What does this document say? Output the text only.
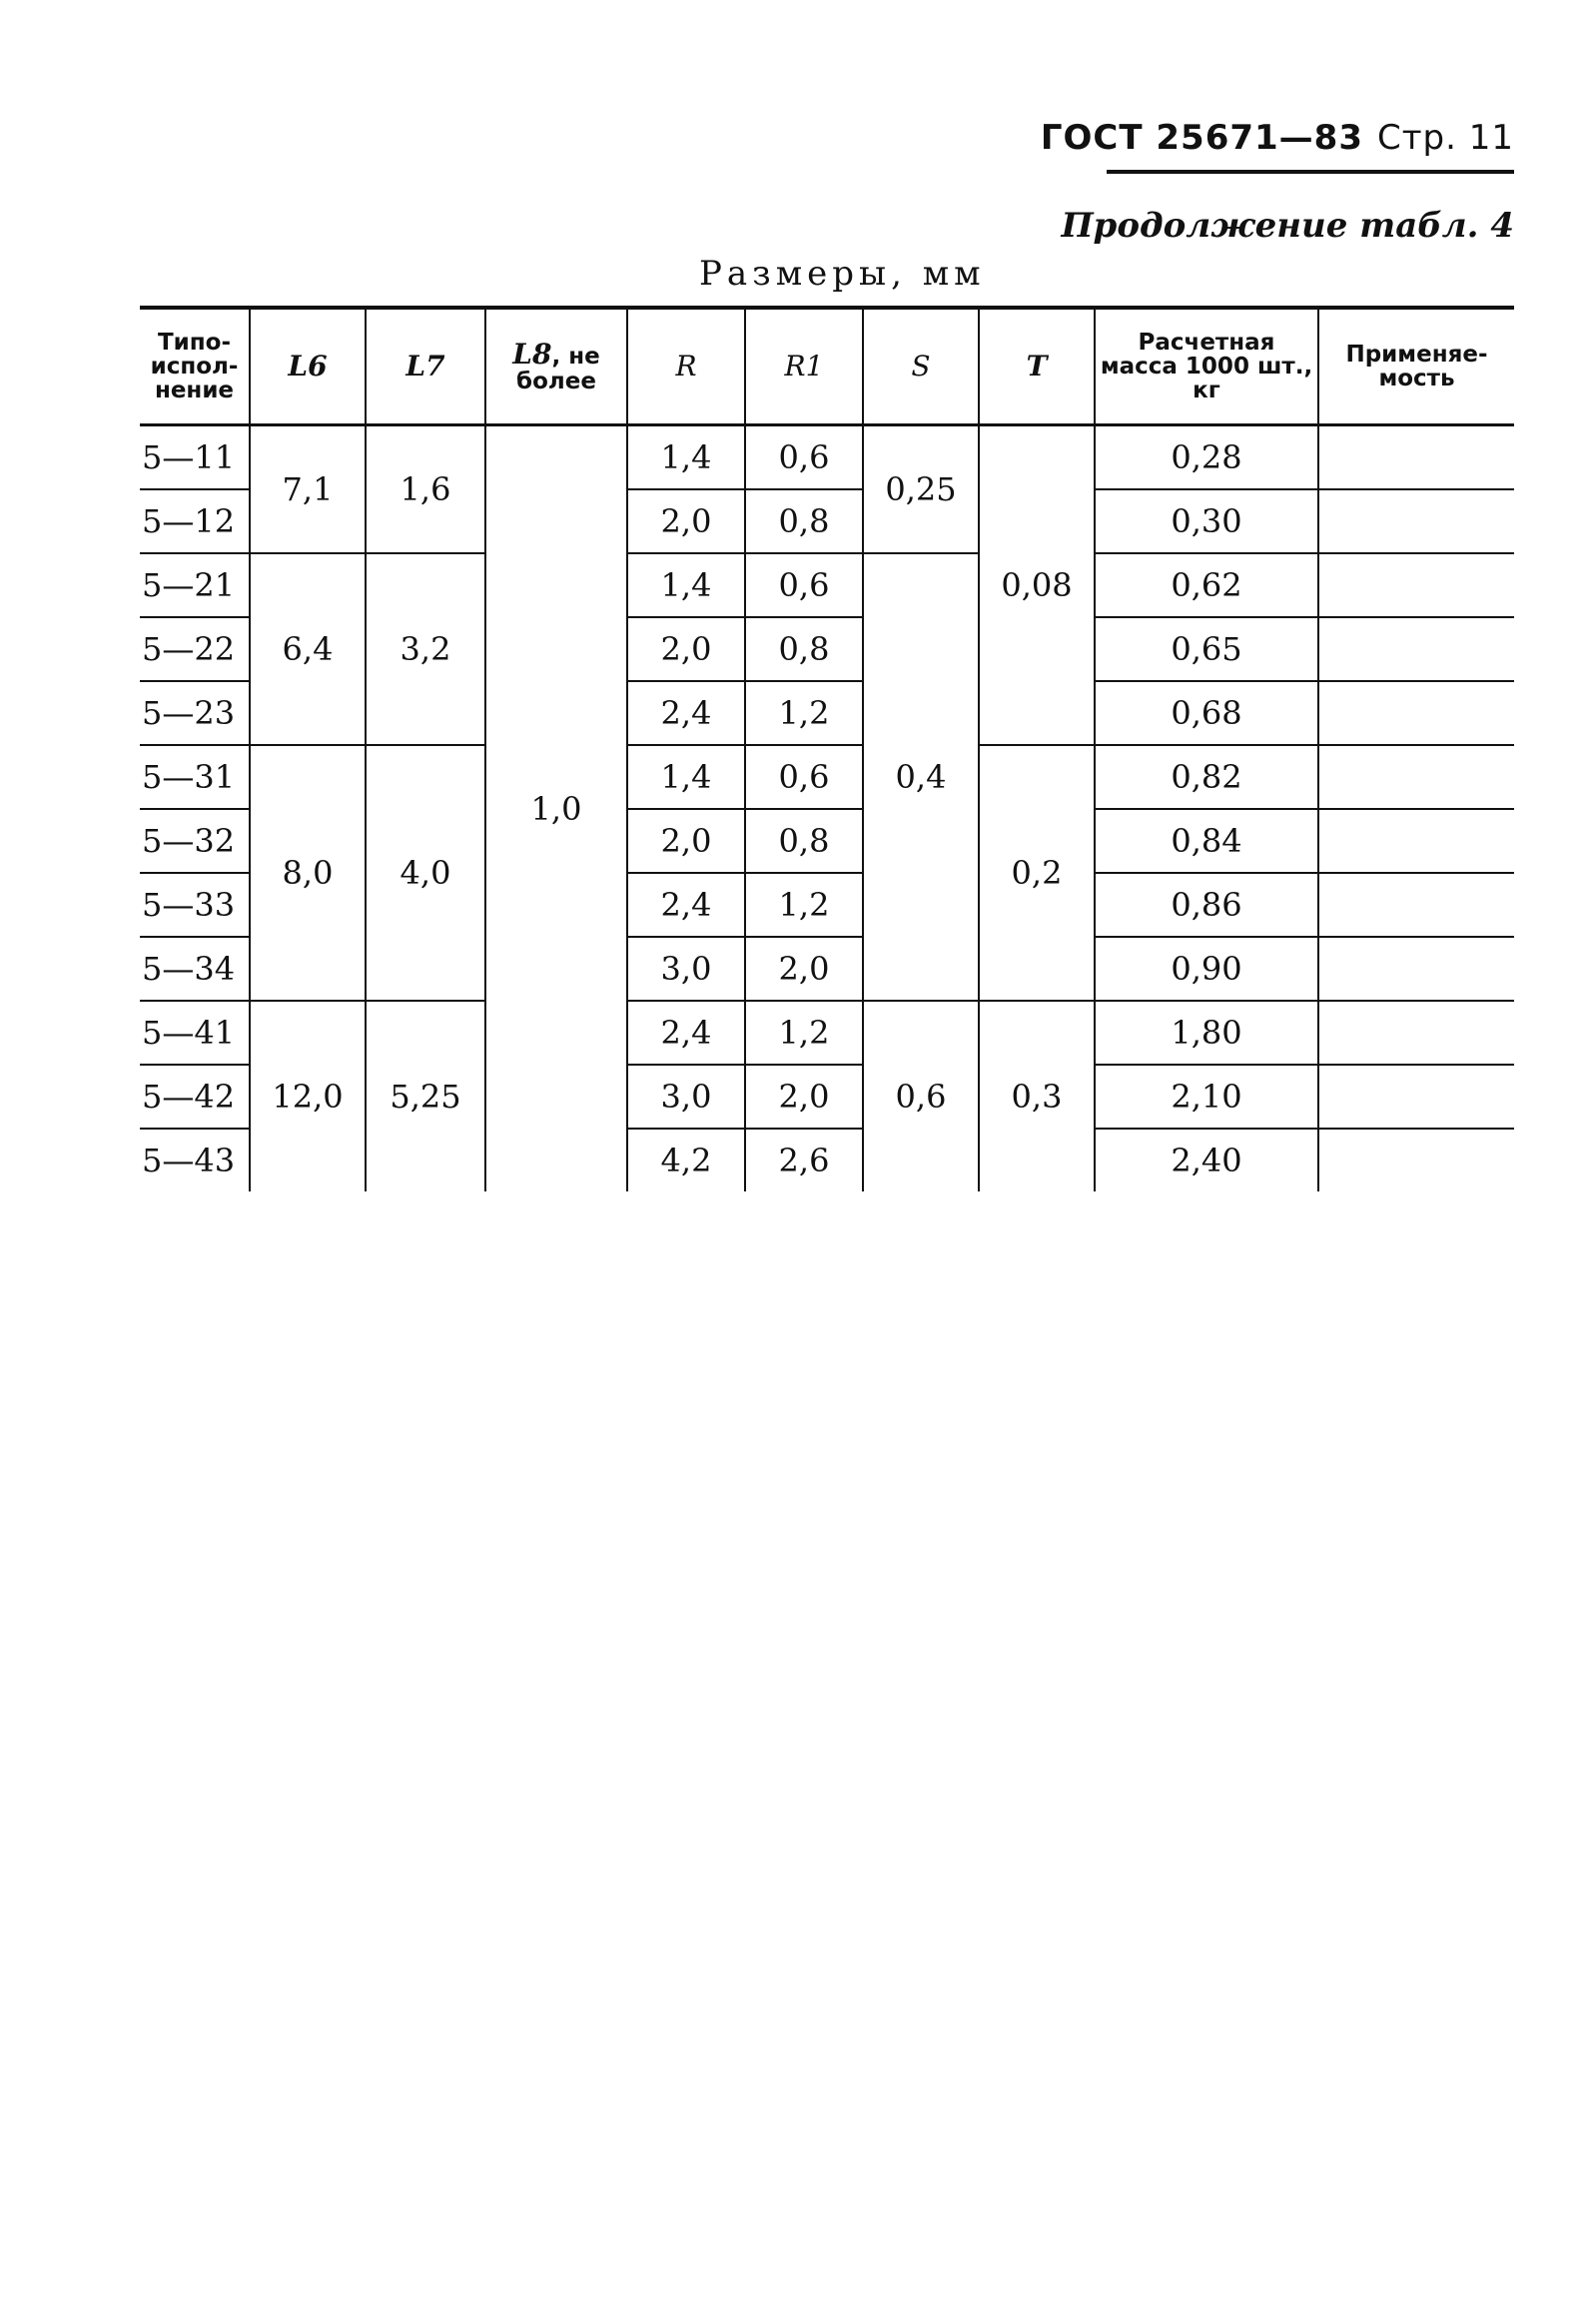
ГОСТ 25671—83 Стр. 11
Продолжение табл. 4
Размеры, мм
Типо- испол- нение	L6	L7	L8, не более	R	R1	S	T	Расчетная масса 1000 шт., кг	Применяе- мость
5—11	7,1	1,6	1,0	1,4	0,6	0,25	0,08	0,28	
5—12				2,0	0,8			0,30	
5—21	6,4	3,2		1,4	0,6	0,4		0,62	
5—22				2,0	0,8			0,65	
5—23				2,4	1,2			0,68	
5—31	8,0	4,0		1,4	0,6		0,2	0,82	
5—32				2,0	0,8			0,84	
5—33				2,4	1,2			0,86	
5—34				3,0	2,0			0,90	
5—41	12,0	5,25		2,4	1,2	0,6	0,3	1,80	
5—42				3,0	2,0			2,10	
5—43				4,2	2,6			2,40	
